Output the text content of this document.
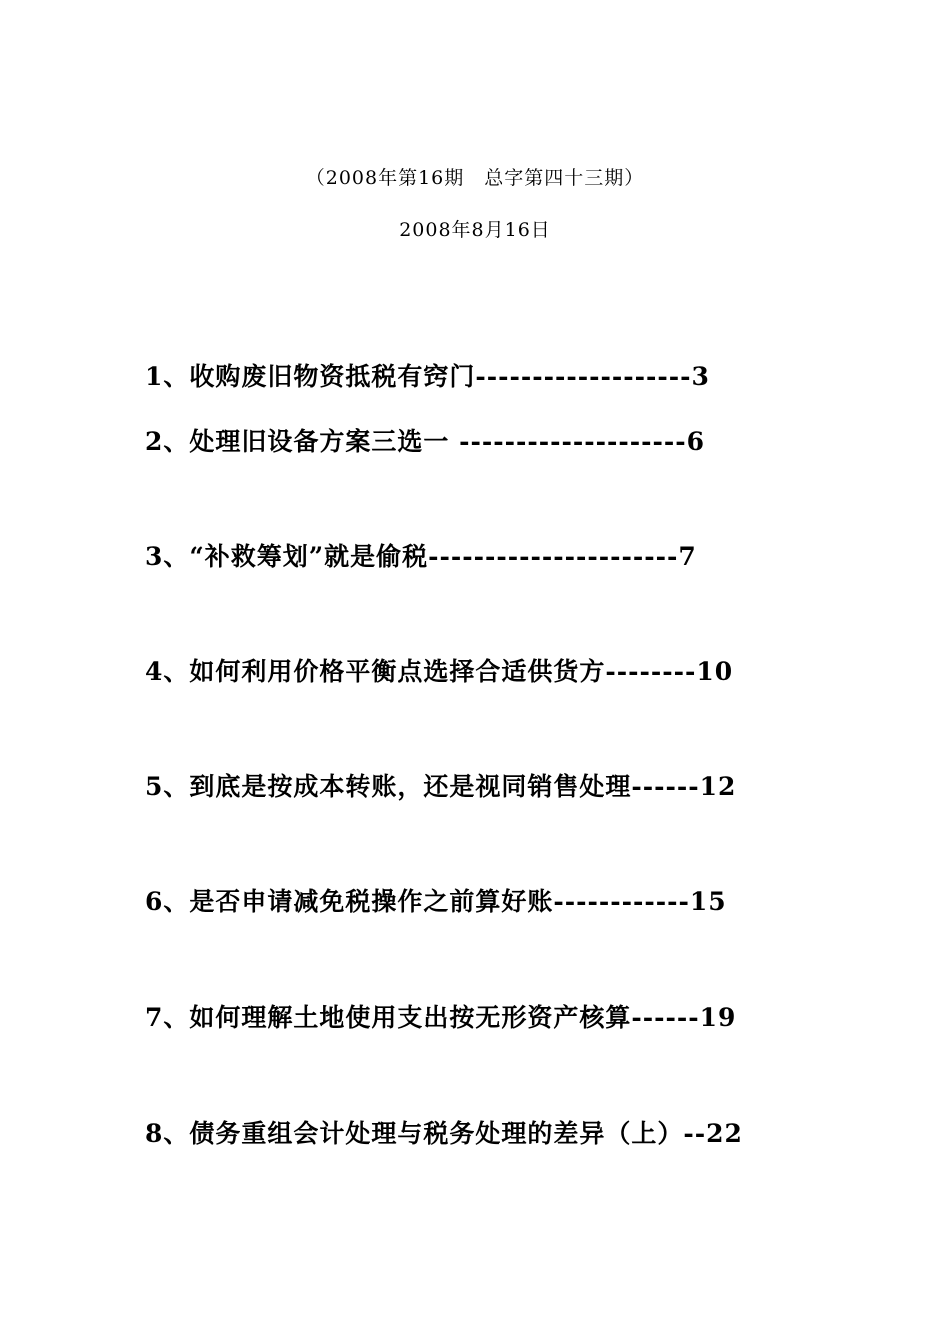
（2008年第16期　总字第四十三期）
2008年8月16日
1、收购废旧物资抵税有窍门-------------------3
2、处理旧设备方案三选一 --------------------6
3、“补救筹划”就是偷税----------------------7
4、如何利用价格平衡点选择合适供货方--------10
5、到底是按成本转账，还是视同销售处理------12
6、是否申请减免税操作之前算好账------------15
7、如何理解土地使用支出按无形资产核算------19
8、债务重组会计处理与税务处理的差异（上）--22
